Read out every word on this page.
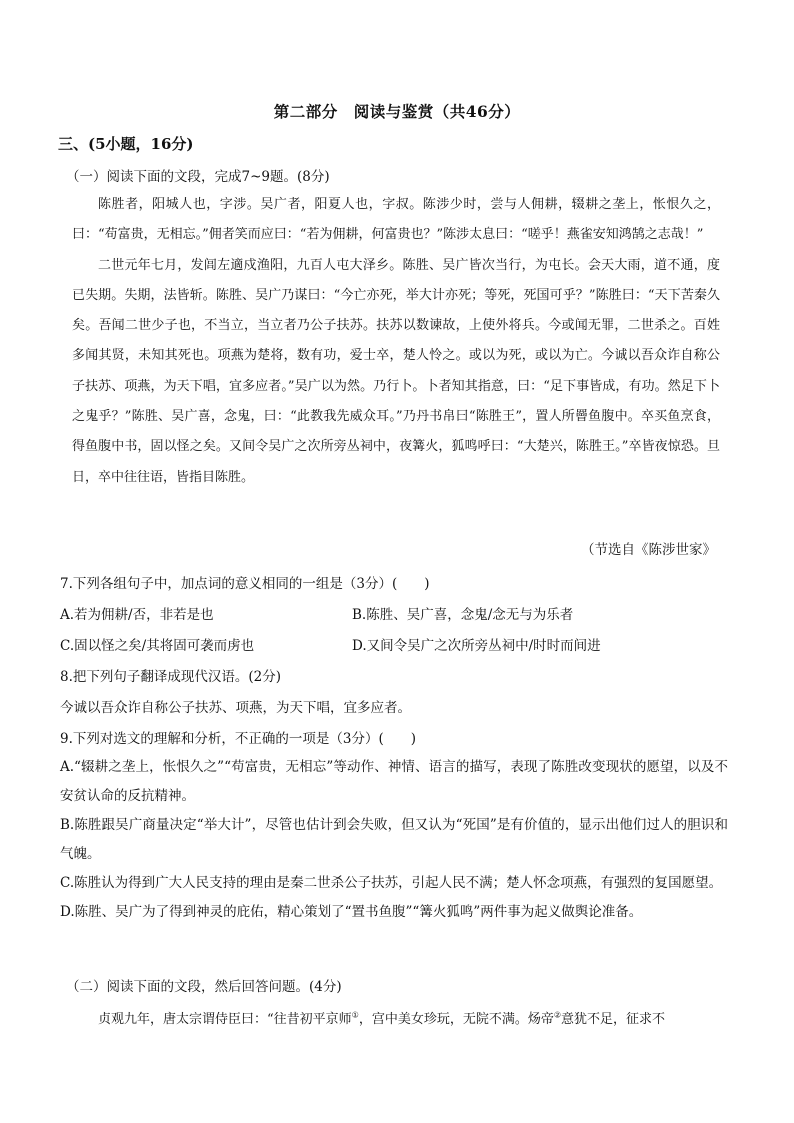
第二部分　阅读与鉴赏（共46分）
三、(5小题，16分)
（一）阅读下面的文段，完成7~9题。(8分)

陈胜者，阳城人也，字涉。吴广者，阳夏人也，字叔。陈涉少时，尝与人佣耕，辍耕之垄上，怅恨久之，曰：“苟富贵，无相忘。”佣者笑而应曰：“若为佣耕，何富贵也？”陈涉太息曰：“嗟乎！燕雀安知鸿鹄之志哉！”

二世元年七月，发闾左適戍渔阳，九百人屯大泽乡。陈胜、吴广皆次当行，为屯长。会天大雨，道不通，度已失期。失期，法皆斩。陈胜、吴广乃谋曰：“今亡亦死，举大计亦死；等死，死国可乎？”陈胜曰：“天下苦秦久矣。吾闻二世少子也，不当立，当立者乃公子扶苏。扶苏以数谏故，上使外将兵。今或闻无罪，二世杀之。百姓多闻其贤，未知其死也。项燕为楚将，数有功，爱士卒，楚人怜之。或以为死，或以为亡。今诚以吾众诈自称公子扶苏、项燕，为天下唱，宜多应者。”吴广以为然。乃行卜。卜者知其指意，曰：“足下事皆成，有功。然足下卜之鬼乎？”陈胜、吴广喜，念鬼，曰：“此教我先威众耳。”乃丹书帛曰“陈胜王”，置人所罾鱼腹中。卒买鱼烹食，得鱼腹中书，固以怪之矣。又间令吴广之次所旁丛祠中，夜篝火，狐鸣呼曰：“大楚兴，陈胜王。”卒皆夜惊恐。旦日，卒中往往语，皆指目陈胜。

（节选自《陈涉世家》
7.下列各组句子中，加点词的意义相同的一组是（3分）(　　)
A.若为佣耕/否，非若是也	B.陈胜、吴广喜，念鬼/念无与为乐者
C.固以怪之矣/其将固可袭而虏也	D.又间令吴广之次所旁丛祠中/时时而间进
8.把下列句子翻译成现代汉语。(2分)
今诚以吾众诈自称公子扶苏、项燕，为天下唱，宜多应者。
9.下列对选文的理解和分析，不正确的一项是（3分）(　　)

A.“辍耕之垄上，怅恨久之”“苟富贵，无相忘”等动作、神情、语言的描写，表现了陈胜改变现状的愿望，以及不安贫认命的反抗精神。

B.陈胜跟吴广商量决定“举大计”，尽管也估计到会失败，但又认为“死国”是有价值的，显示出他们过人的胆识和气魄。

C.陈胜认为得到广大人民支持的理由是秦二世杀公子扶苏，引起人民不满；楚人怀念项燕，有强烈的复国愿望。

D.陈胜、吴广为了得到神灵的庇佑，精心策划了“置书鱼腹”“篝火狐鸣”两件事为起义做舆论准备。

（二）阅读下面的文段，然后回答问题。(4分)

贞观九年，唐太宗谓侍臣曰：“往昔初平京师①，宫中美女珍玩，无院不满。炀帝②意犹不足，征求不
